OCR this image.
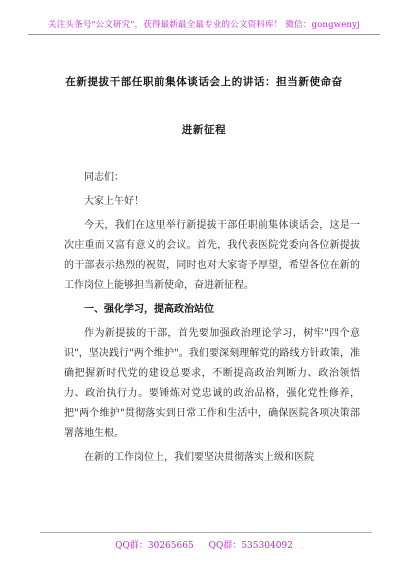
关注头条号"公文研究"，获得最新最全最专业的公文资料库！ 微信：gongwenyj
在新提拔干部任职前集体谈话会上的讲话：担当新使命奋
进新征程

同志们：

大家上午好！

今天，我们在这里举行新提拔干部任职前集体谈话会，这是一次庄重而又富有意义的会议。首先，我代表医院党委向各位新提拔的干部表示热烈的祝贺，同时也对大家寄予厚望，希望各位在新的工作岗位上能够担当新使命，奋进新征程。

一、强化学习，提高政治站位

作为新提拔的干部，首先要加强政治理论学习，树牢"四个意识"，坚决践行"两个维护"。我们要深刻理解党的路线方针政策，准确把握新时代党的建设总要求，不断提高政治判断力、政治领悟力、政治执行力。要锤炼对党忠诚的政治品格，强化党性修养，把"两个维护"贯彻落实到日常工作和生活中，确保医院各项决策部署落地生根。

在新的工作岗位上，我们要坚决贯彻落实上级和医院

QQ群：30265665 QQ群：535304092
